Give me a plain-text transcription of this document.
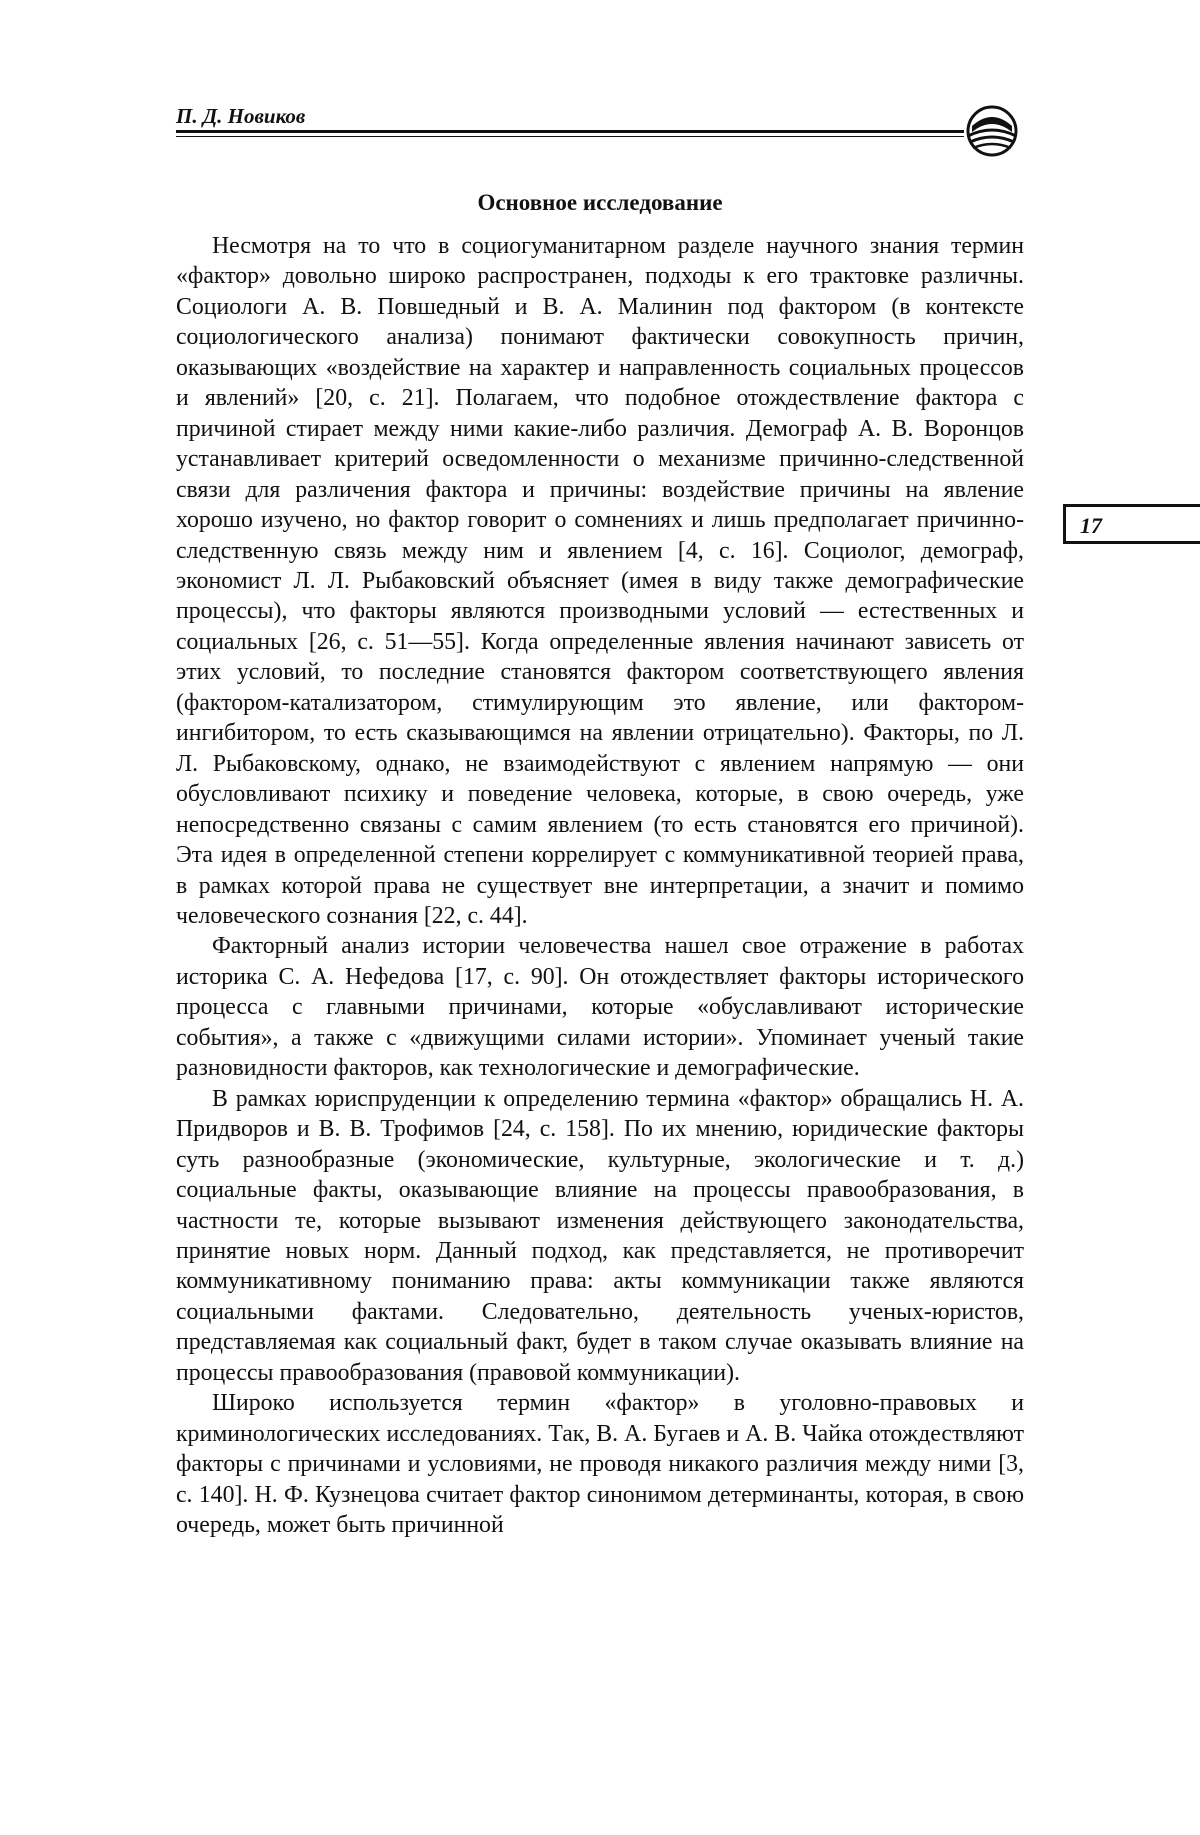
П. Д. Новиков
Основное исследование

Несмотря на то что в социогуманитарном разделе научного знания термин «фактор» довольно широко распространен, подходы к его трактовке различны. Социологи А. В. Повшедный и В. А. Малинин под фактором (в контексте социологического анализа) понимают фактически совокупность причин, оказывающих «воздействие на характер и направленность социальных процессов и явлений» [20, с. 21]. Полагаем, что подобное отождествление фактора с причиной стирает между ними какие-либо различия. Демограф А. В. Воронцов устанавливает критерий осведомленности о механизме причинно-следственной связи для различения фактора и причины: воздействие причины на явление хорошо изучено, но фактор говорит о сомнениях и лишь предполагает причинно-следственную связь между ним и явлением [4, с. 16]. Социолог, демограф, экономист Л. Л. Рыбаковский объясняет (имея в виду также демографические процессы), что факторы являются производными условий — естественных и социальных [26, с. 51—55]. Когда определенные явления начинают зависеть от этих условий, то последние становятся фактором соответствующего явления (фактором-катализатором, стимулирующим это явление, или фактором-ингибитором, то есть сказывающимся на явлении отрицательно). Факторы, по Л. Л. Рыбаковскому, однако, не взаимодействуют с явлением напрямую — они обусловливают психику и поведение человека, которые, в свою очередь, уже непосредственно связаны с самим явлением (то есть становятся его причиной). Эта идея в определенной степени коррелирует с коммуникативной теорией права, в рамках которой права не существует вне интерпретации, а значит и помимо человеческого сознания [22, с. 44].

Факторный анализ истории человечества нашел свое отражение в работах историка С. А. Нефедова [17, с. 90]. Он отождествляет факторы исторического процесса с главными причинами, которые «обуславливают исторические события», а также с «движущими силами истории». Упоминает ученый такие разновидности факторов, как технологические и демографические.

В рамках юриспруденции к определению термина «фактор» обращались Н. А. Придворов и В. В. Трофимов [24, с. 158]. По их мнению, юридические факторы суть разнообразные (экономические, культурные, экологические и т. д.) социальные факты, оказывающие влияние на процессы правообразования, в частности те, которые вызывают изменения действующего законодательства, принятие новых норм. Данный подход, как представляется, не противоречит коммуникативному пониманию права: акты коммуникации также являются социальными фактами. Следовательно, деятельность ученых-юристов, представляемая как социальный факт, будет в таком случае оказывать влияние на процессы правообразования (правовой коммуникации).

Широко используется термин «фактор» в уголовно-правовых и криминологических исследованиях. Так, В. А. Бугаев и А. В. Чайка отождествляют факторы с причинами и условиями, не проводя никакого различия между ними [3, с. 140]. Н. Ф. Кузнецова считает фактор синонимом детерминанты, которая, в свою очередь, может быть причинной

17
